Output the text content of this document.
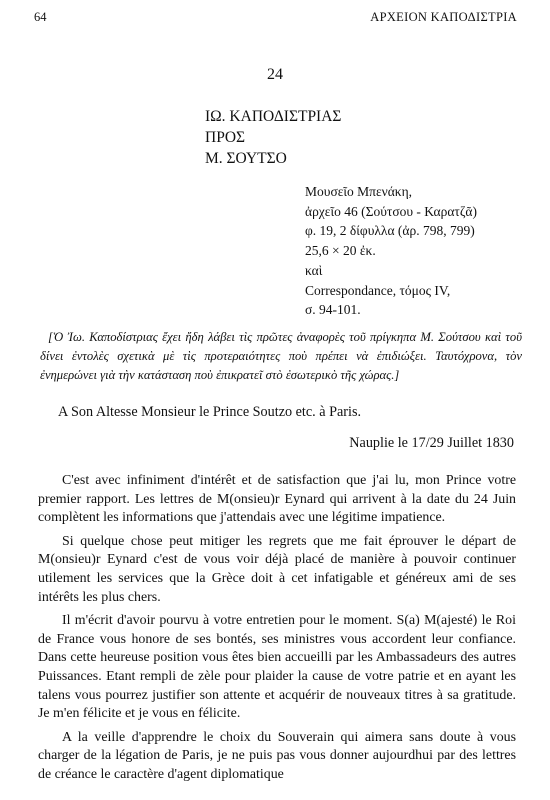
64	ΑΡΧΕΙΟΝ ΚΑΠΟΔΙΣΤΡΙΑ
24
ΙΩ. ΚΑΠΟΔΙΣΤΡΙΑΣ
ΠΡΟΣ
Μ. ΣΟΥΤΣΟ
Μουσεῖο Μπενάκη,
ἀρχεῖο 46 (Σούτσου - Καρατζᾶ)
φ. 19, 2 δίφυλλα (ἀρ. 798, 799)
25,6 × 20 ἐκ.
καὶ
Correspondance, τόμος IV,
σ. 94-101.
[Ὁ Ἰω. Καποδίστριας ἔχει ἤδη λάβει τὶς πρῶτες ἀναφορὲς τοῦ πρίγκηπα Μ. Σούτσου καὶ τοῦ δίνει ἐντολὲς σχετικὰ μὲ τὶς προτεραιότητες ποὺ πρέπει νὰ ἐπιδιώξει. Ταυτόχρονα, τὸν ἐνημερώνει γιὰ τὴν κατάσταση ποὺ ἐπικρατεῖ στὸ ἐσωτερικὸ τῆς χώρας.]
A Son Altesse Monsieur le Prince Soutzo etc. à Paris.
Nauplie le 17/29 Juillet 1830

C'est avec infiniment d'intérêt et de satisfaction que j'ai lu, mon Prince votre premier rapport. Les lettres de M(onsieu)r Eynard qui arrivent à la date du 24 Juin complètent les informations que j'attendais avec une légitime impatience.

Si quelque chose peut mitiger les regrets que me fait éprouver le départ de M(onsieu)r Eynard c'est de vous voir déjà placé de manière à pouvoir continuer utilement les services que la Grèce doit à cet infatigable et généreux ami de ses intérêts les plus chers.

Il m'écrit d'avoir pourvu à votre entretien pour le moment. S(a) M(ajesté) le Roi de France vous honore de ses bontés, ses ministres vous accordent leur confiance. Dans cette heureuse position vous êtes bien accueilli par les Ambassadeurs des autres Puissances. Etant rempli de zèle pour plaider la cause de votre patrie et en ayant les talens vous pourrez justifier son attente et acquérir de nouveaux titres à sa gratitude. Je m'en félicite et je vous en félicite.

A la veille d'apprendre le choix du Souverain qui aimera sans doute à vous charger de la légation de Paris, je ne puis pas vous donner aujourdhui par des lettres de créance le caractère d'agent diplomatique
